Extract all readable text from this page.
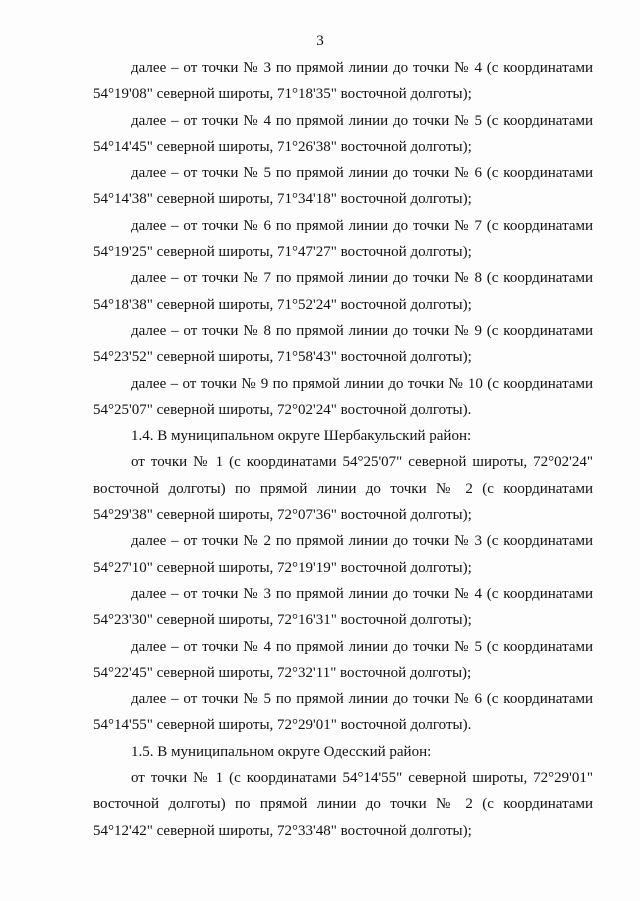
3

далее – от точки № 3 по прямой линии до точки № 4 (с координатами 54°19'08" северной широты, 71°18'35" восточной долготы);

далее – от точки № 4 по прямой линии до точки № 5 (с координатами 54°14'45" северной широты, 71°26'38" восточной долготы);

далее – от точки № 5 по прямой линии до точки № 6 (с координатами 54°14'38" северной широты, 71°34'18" восточной долготы);

далее – от точки № 6 по прямой линии до точки № 7 (с координатами 54°19'25" северной широты, 71°47'27" восточной долготы);

далее – от точки № 7 по прямой линии до точки № 8 (с координатами 54°18'38" северной широты, 71°52'24" восточной долготы);

далее – от точки № 8 по прямой линии до точки № 9 (с координатами 54°23'52" северной широты, 71°58'43" восточной долготы);

далее – от точки № 9 по прямой линии до точки № 10 (с координатами 54°25'07" северной широты, 72°02'24" восточной долготы).

1.4. В муниципальном округе Шербакульский район:

от точки № 1 (с координатами 54°25'07" северной широты, 72°02'24" восточной долготы) по прямой линии до точки № 2 (с координатами 54°29'38" северной широты, 72°07'36" восточной долготы);

далее – от точки № 2 по прямой линии до точки № 3 (с координатами 54°27'10" северной широты, 72°19'19" восточной долготы);

далее – от точки № 3 по прямой линии до точки № 4 (с координатами 54°23'30" северной широты, 72°16'31" восточной долготы);

далее – от точки № 4 по прямой линии до точки № 5 (с координатами 54°22'45" северной широты, 72°32'11" восточной долготы);

далее – от точки № 5 по прямой линии до точки № 6 (с координатами 54°14'55" северной широты, 72°29'01" восточной долготы).

1.5. В муниципальном округе Одесский район:

от точки № 1 (с координатами 54°14'55" северной широты, 72°29'01" восточной долготы) по прямой линии до точки № 2 (с координатами 54°12'42" северной широты, 72°33'48" восточной долготы);
